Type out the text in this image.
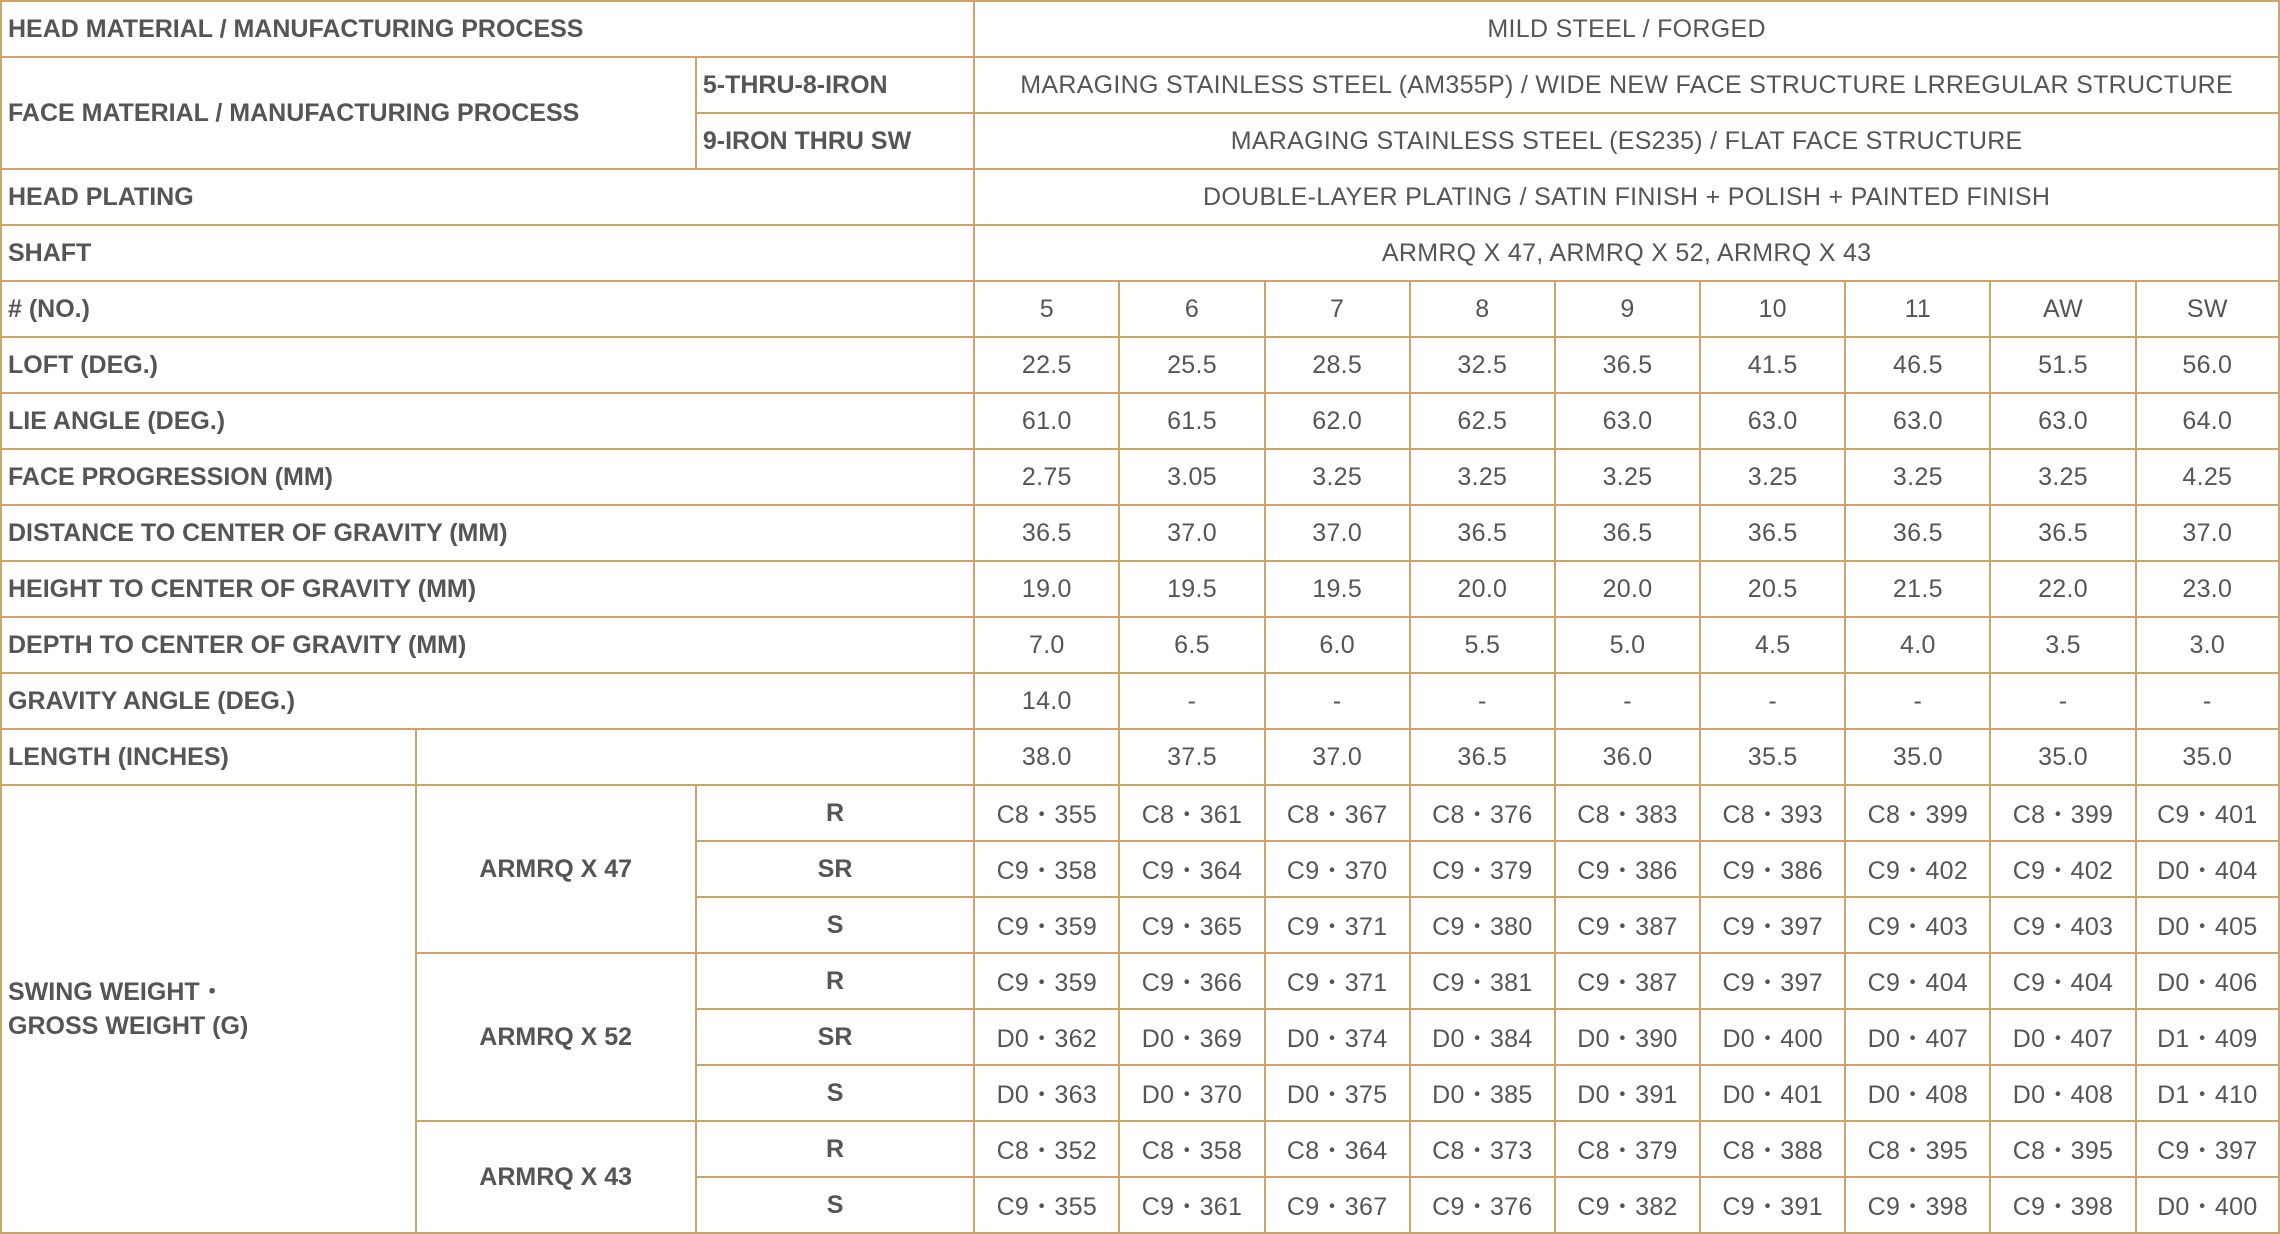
HEAD MATERIAL / MANUFACTURING PROCESS			MILD STEEL / FORGED								
FACE MATERIAL / MANUFACTURING PROCESS		5-THRU-8-IRON	MARAGING STAINLESS STEEL (AM355P) / WIDE NEW FACE STRUCTURE LRREGULAR STRUCTURE								
		9-IRON THRU SW	MARAGING STAINLESS STEEL (ES235) / FLAT FACE STRUCTURE								
HEAD PLATING			DOUBLE-LAYER PLATING / SATIN FINISH + POLISH + PAINTED FINISH								
SHAFT			ARMRQ X 47, ARMRQ X 52, ARMRQ X 43								
# (NO.)			5	6	7	8	9	10	11	AW	SW
LOFT (DEG.)			22.5	25.5	28.5	32.5	36.5	41.5	46.5	51.5	56.0
LIE ANGLE (DEG.)			61.0	61.5	62.0	62.5	63.0	63.0	63.0	63.0	64.0
FACE PROGRESSION (MM)			2.75	3.05	3.25	3.25	3.25	3.25	3.25	3.25	4.25
DISTANCE TO CENTER OF GRAVITY (MM)			36.5	37.0	37.0	36.5	36.5	36.5	36.5	36.5	37.0
HEIGHT TO CENTER OF GRAVITY (MM)			19.0	19.5	19.5	20.0	20.0	20.5	21.5	22.0	23.0
DEPTH TO CENTER OF GRAVITY (MM)			7.0	6.5	6.0	5.5	5.0	4.5	4.0	3.5	3.0
GRAVITY ANGLE (DEG.)			14.0	-	-	-	-	-	-	-	-
LENGTH (INCHES)			38.0	37.5	37.0	36.5	36.0	35.5	35.0	35.0	35.0

SWING WEIGHT・
GROSS WEIGHT (G)	ARMRQ X 47	R	C8・355	C8・361	C8・367	C8・376	C8・383	C8・393	C8・399	C8・399	C9・401
		SR	C9・358	C9・364	C9・370	C9・379	C9・386	C9・386	C9・402	C9・402	D0・404
		S	C9・359	C9・365	C9・371	C9・380	C9・387	C9・397	C9・403	C9・403	D0・405
	ARMRQ X 52	R	C9・359	C9・366	C9・371	C9・381	C9・387	C9・397	C9・404	C9・404	D0・406
		SR	D0・362	D0・369	D0・374	D0・384	D0・390	D0・400	D0・407	D0・407	D1・409
		S	D0・363	D0・370	D0・375	D0・385	D0・391	D0・401	D0・408	D0・408	D1・410
	ARMRQ X 43	R	C8・352	C8・358	C8・364	C8・373	C8・379	C8・388	C8・395	C8・395	C9・397
		S	C9・355	C9・361	C9・367	C9・376	C9・382	C9・391	C9・398	C9・398	D0・400
